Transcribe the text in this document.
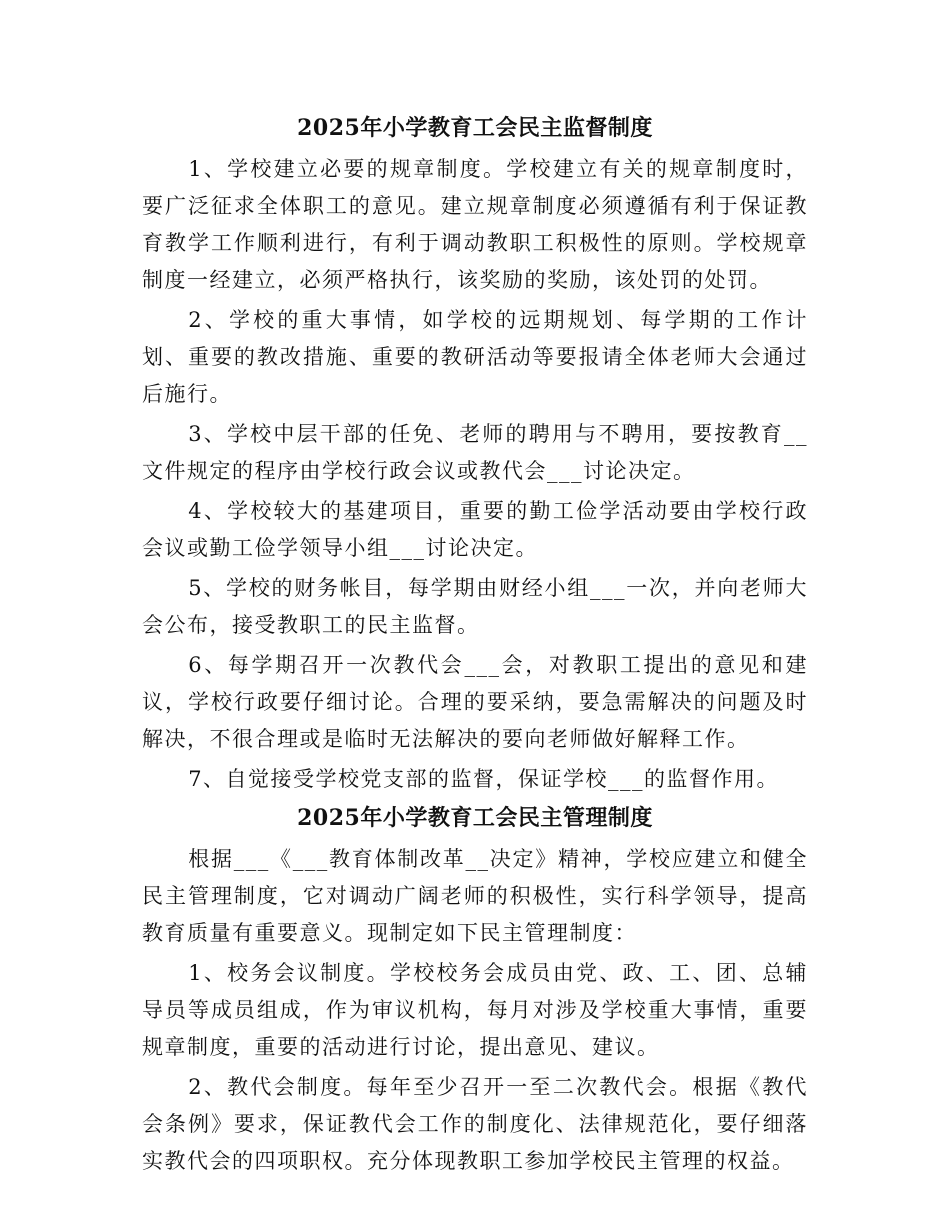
2025年小学教育工会民主监督制度

1、学校建立必要的规章制度。学校建立有关的规章制度时，要广泛征求全体职工的意见。建立规章制度必须遵循有利于保证教育教学工作顺利进行，有利于调动教职工积极性的原则。学校规章制度一经建立，必须严格执行，该奖励的奖励，该处罚的处罚。

2、学校的重大事情，如学校的远期规划、每学期的工作计划、重要的教改措施、重要的教研活动等要报请全体老师大会通过后施行。

3、学校中层干部的任免、老师的聘用与不聘用，要按教育__文件规定的程序由学校行政会议或教代会___讨论决定。

4、学校较大的基建项目，重要的勤工俭学活动要由学校行政会议或勤工俭学领导小组___讨论决定。

5、学校的财务帐目，每学期由财经小组___一次，并向老师大会公布，接受教职工的民主监督。

6、每学期召开一次教代会___会，对教职工提出的意见和建议，学校行政要仔细讨论。合理的要采纳，要急需解决的问题及时解决，不很合理或是临时无法解决的要向老师做好解释工作。

7、自觉接受学校党支部的监督，保证学校___的监督作用。

2025年小学教育工会民主管理制度

根据___《___教育体制改革__决定》精神，学校应建立和健全民主管理制度，它对调动广阔老师的积极性，实行科学领导，提高教育质量有重要意义。现制定如下民主管理制度：

1、校务会议制度。学校校务会成员由党、政、工、团、总辅导员等成员组成，作为审议机构，每月对涉及学校重大事情，重要规章制度，重要的活动进行讨论，提出意见、建议。

2、教代会制度。每年至少召开一至二次教代会。根据《教代会条例》要求，保证教代会工作的制度化、法律规范化，要仔细落实教代会的四项职权。充分体现教职工参加学校民主管理的权益。
